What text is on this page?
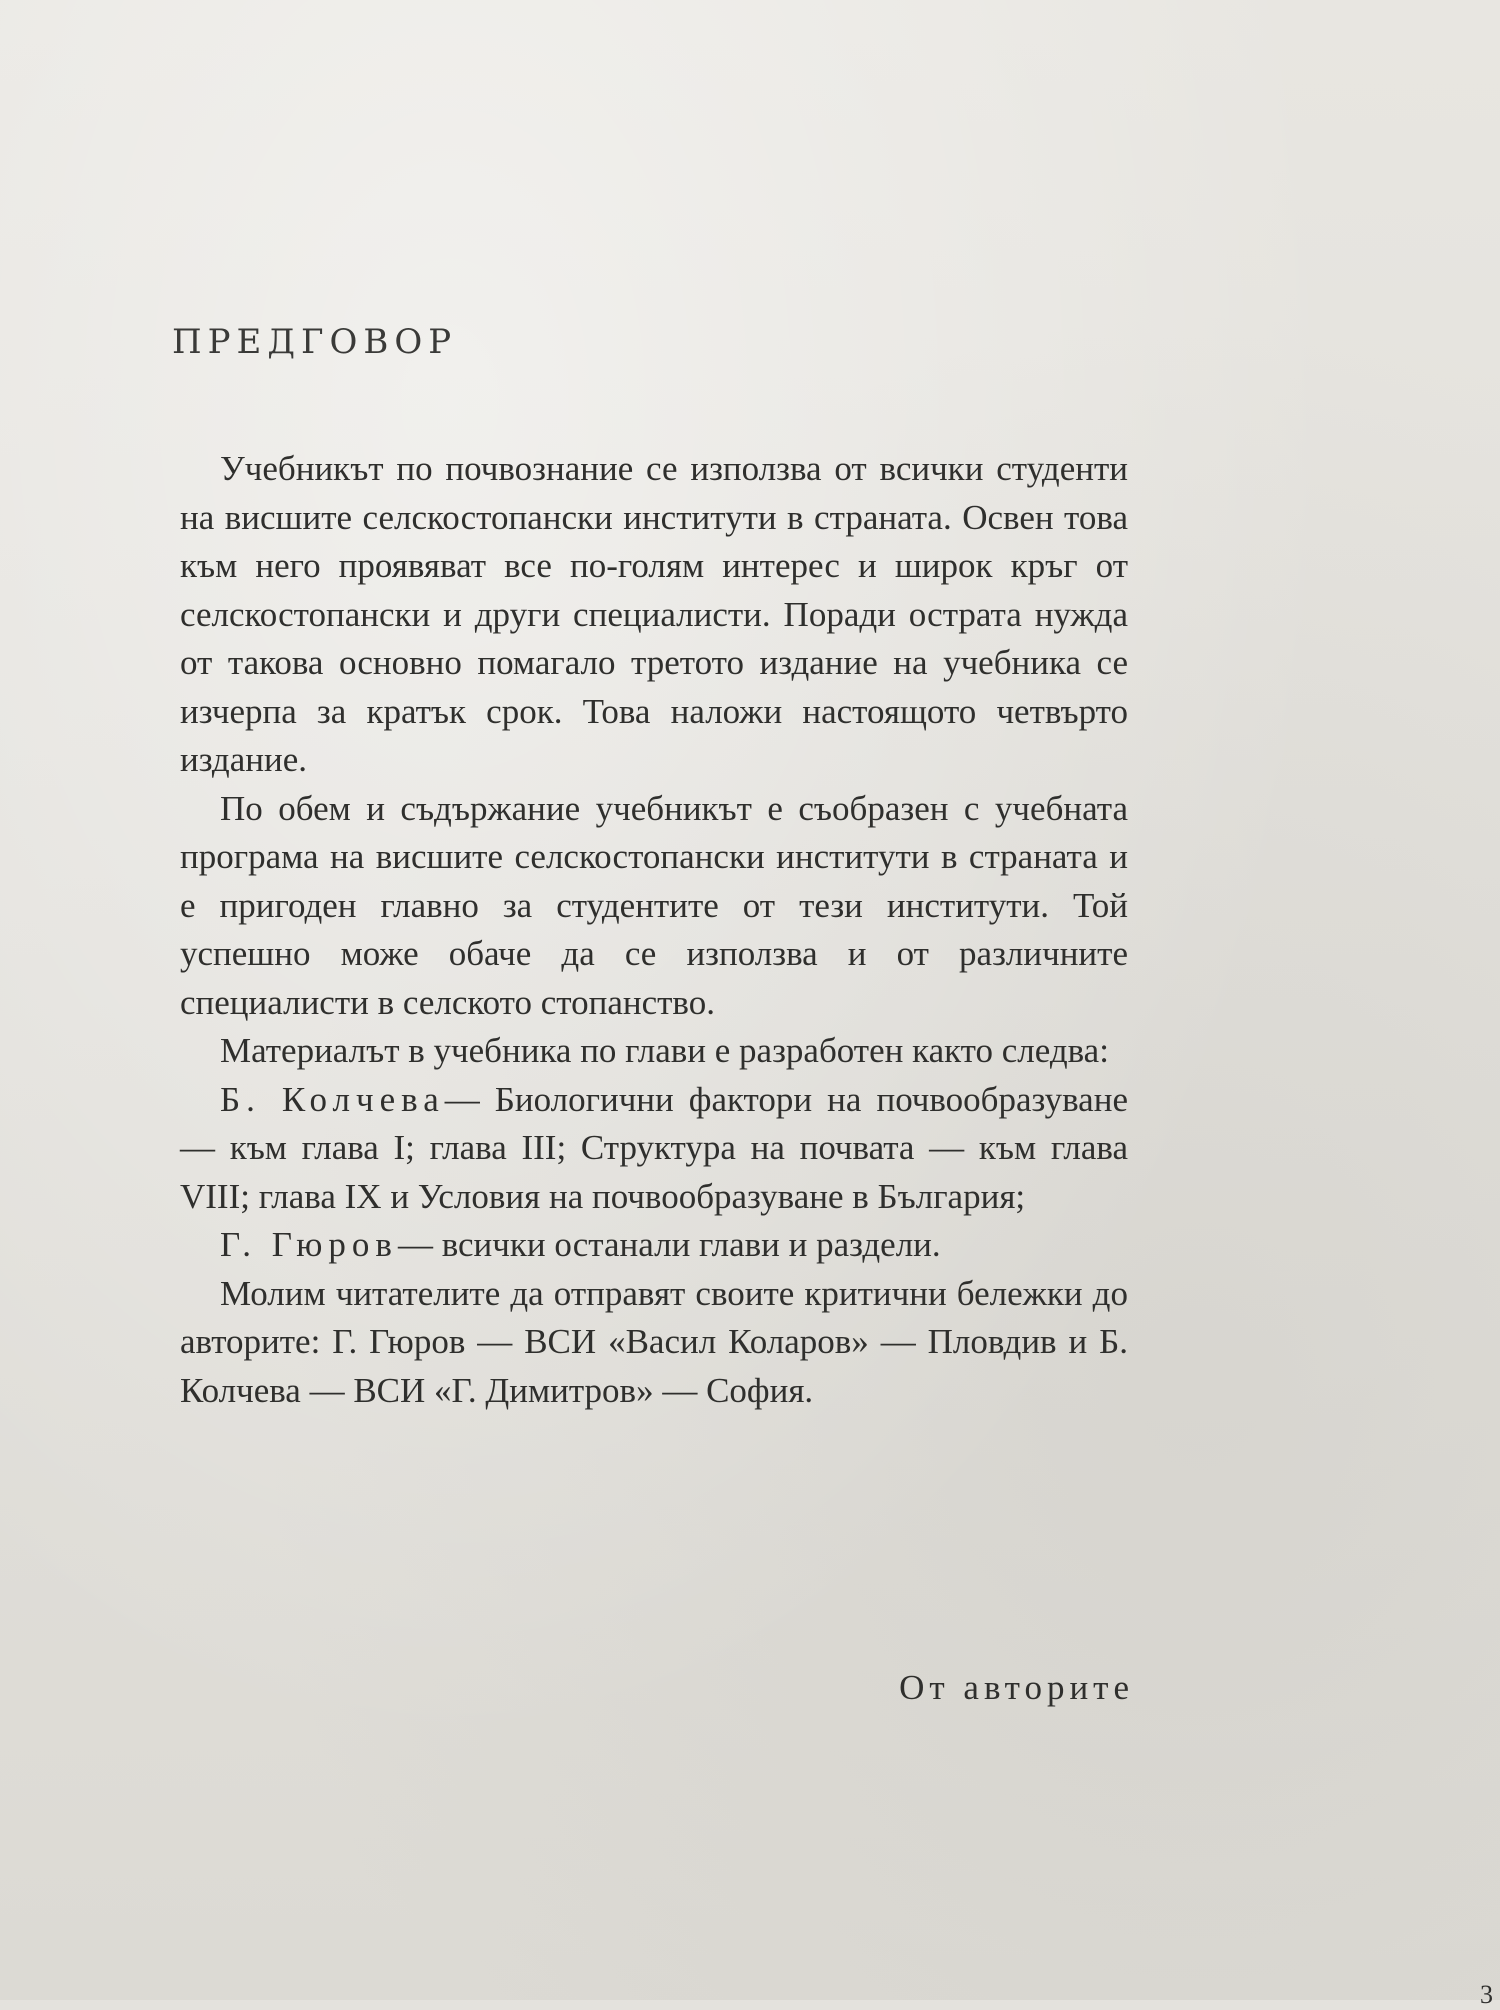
ПРЕДГОВОР

Учебникът по почвознание се използва от всички студенти на висшите селскостопански институти в страната. Освен това към него проявяват все по-голям интерес и широк кръг от селскостопански и други специалисти. Поради острата нужда от такова основно помагало третото издание на учебника се изчерпа за кратък срок. Това наложи настоящото четвърто издание.

По обем и съдържание учебникът е съобразен с учебната програма на висшите селскостопански институти в страната и е пригоден главно за студентите от тези институти. Той успешно може обаче да се използва и от различните специалисти в селското стопанство.

Материалът в учебника по глави е разработен както следва:

Б. Колчева— Биологични фактори на почвообразуване — към глава I; глава III; Структура на почвата — към глава VIII; глава IX и Условия на почвообразуване в България;

Г. Гюров— всички останали глави и раздели.

Молим читателите да отправят своите критични бележки до авторите: Г. Гюров — ВСИ «Васил Коларов» — Пловдив и Б. Колчева — ВСИ «Г. Димитров» — София.

От авторите

3
